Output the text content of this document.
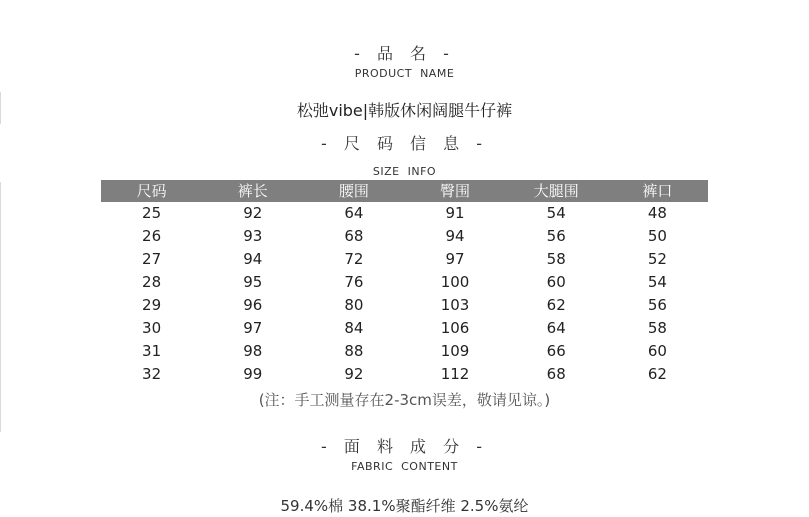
- 品 名 -
PRODUCT NAME
松弛vibe|韩版休闲阔腿牛仔裤
- 尺 码 信 息 -
SIZE INFO
尺码	裤长	腰围	臀围	大腿围	裤口
25	92	64	91	54	48
26	93	68	94	56	50
27	94	72	97	58	52
28	95	76	100	60	54
29	96	80	103	62	56
30	97	84	106	64	58
31	98	88	109	66	60
32	99	92	112	68	62
(注：手工测量存在2-3cm误差，敬请见谅。)
- 面 料 成 分 -
FABRIC CONTENT
59.4%棉 38.1%聚酯纤维 2.5%氨纶
